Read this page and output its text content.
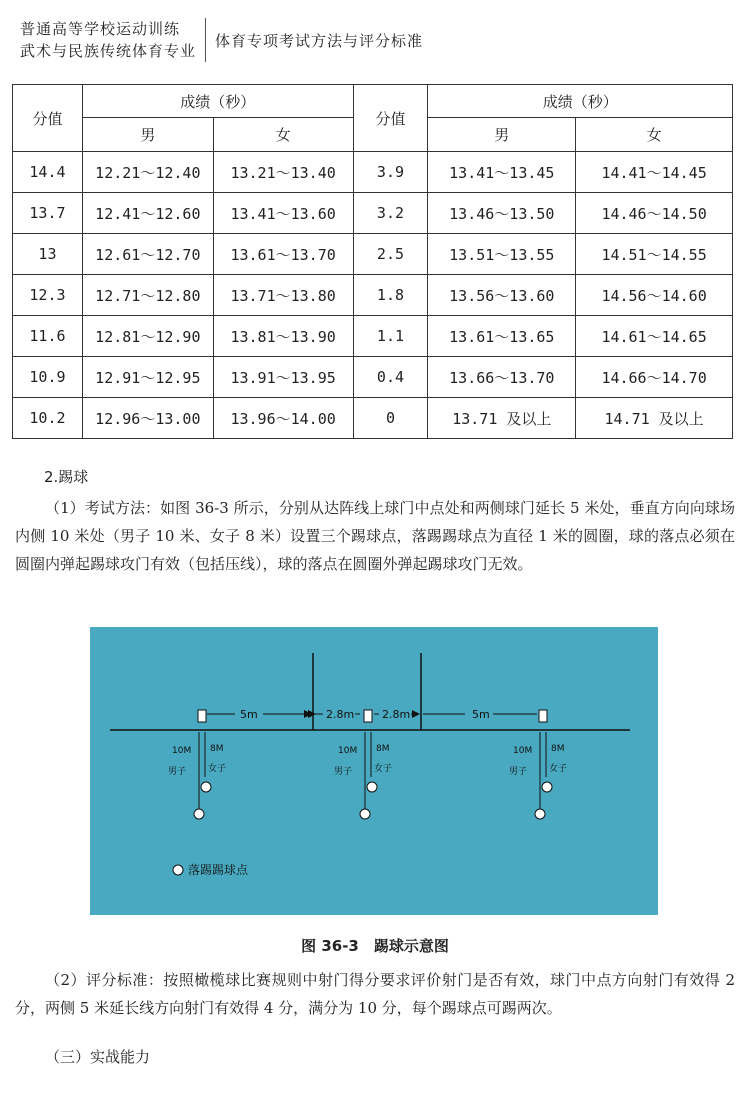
普通高等学校运动训练
武术与民族传统体育专业
体育专项考试方法与评分标准
分值	成绩（秒）		分值	成绩（秒）	
	男	女		男	女
14.4	12.21～12.40	13.21～13.40	3.9	13.41～13.45	14.41～14.45
13.7	12.41～12.60	13.41～13.60	3.2	13.46～13.50	14.46～14.50
13	12.61～12.70	13.61～13.70	2.5	13.51～13.55	14.51～14.55
12.3	12.71～12.80	13.71～13.80	1.8	13.56～13.60	14.56～14.60
11.6	12.81～12.90	13.81～13.90	1.1	13.61～13.65	14.61～14.65
10.9	12.91～12.95	13.91～13.95	0.4	13.66～13.70	14.66～14.70
10.2	12.96～13.00	13.96～14.00	0	13.71 及以上	14.71 及以上
2.踢球
（1）考试方法：如图 36-3 所示，分别从达阵线上球门中点处和两侧球门延长 5 米处，垂直方向向球场内侧 10 米处（男子 10 米、女子 8 米）设置三个踢球点，落踢踢球点为直径 1 米的圆圈，球的落点必须在圆圈内弹起踢球攻门有效（包括压线），球的落点在圆圈外弹起踢球攻门无效。
5m	2.8m	2.8m	5m
10M 8M
男子 女子
10M 8M
男子 女子
10M 8M
男子 女子
落踢踢球点
图 36-3　踢球示意图
（2）评分标准：按照橄榄球比赛规则中射门得分要求评价射门是否有效，球门中点方向射门有效得 2 分，两侧 5 米延长线方向射门有效得 4 分，满分为 10 分，每个踢球点可踢两次。
（三）实战能力
